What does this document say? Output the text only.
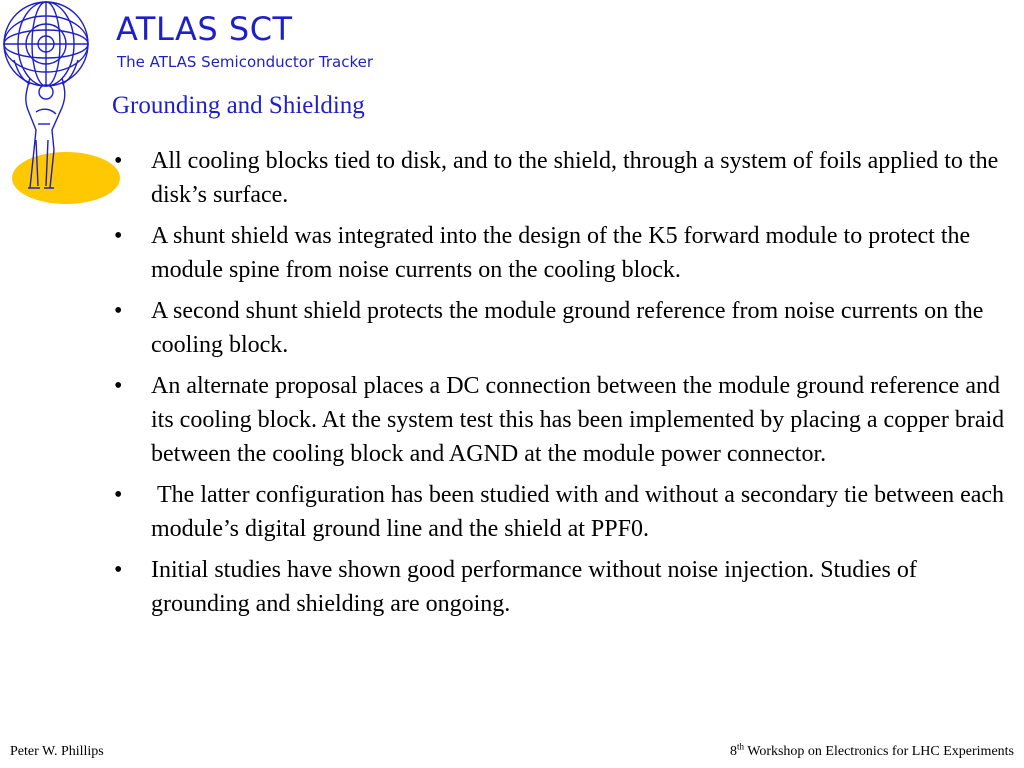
ATLAS SCT
The ATLAS Semiconductor Tracker
Grounding and Shielding
• All cooling blocks tied to disk, and to the shield, through a system of foils applied to the disk’s surface.
• A shunt shield was integrated into the design of the K5 forward module to protect the module spine from noise currents on the cooling block.
• A second shunt shield protects the module ground reference from noise currents on the cooling block.
• An alternate proposal places a DC connection between the module ground reference and its cooling block. At the system test this has been implemented by placing a copper braid between the cooling block and AGND at the module power connector.
• The latter configuration has been studied with and without a secondary tie between each module’s digital ground line and the shield at PPF0.
• Initial studies have shown good performance without noise injection. Studies of grounding and shielding are ongoing.
Peter W. Phillips	8th Workshop on Electronics for LHC Experiments
